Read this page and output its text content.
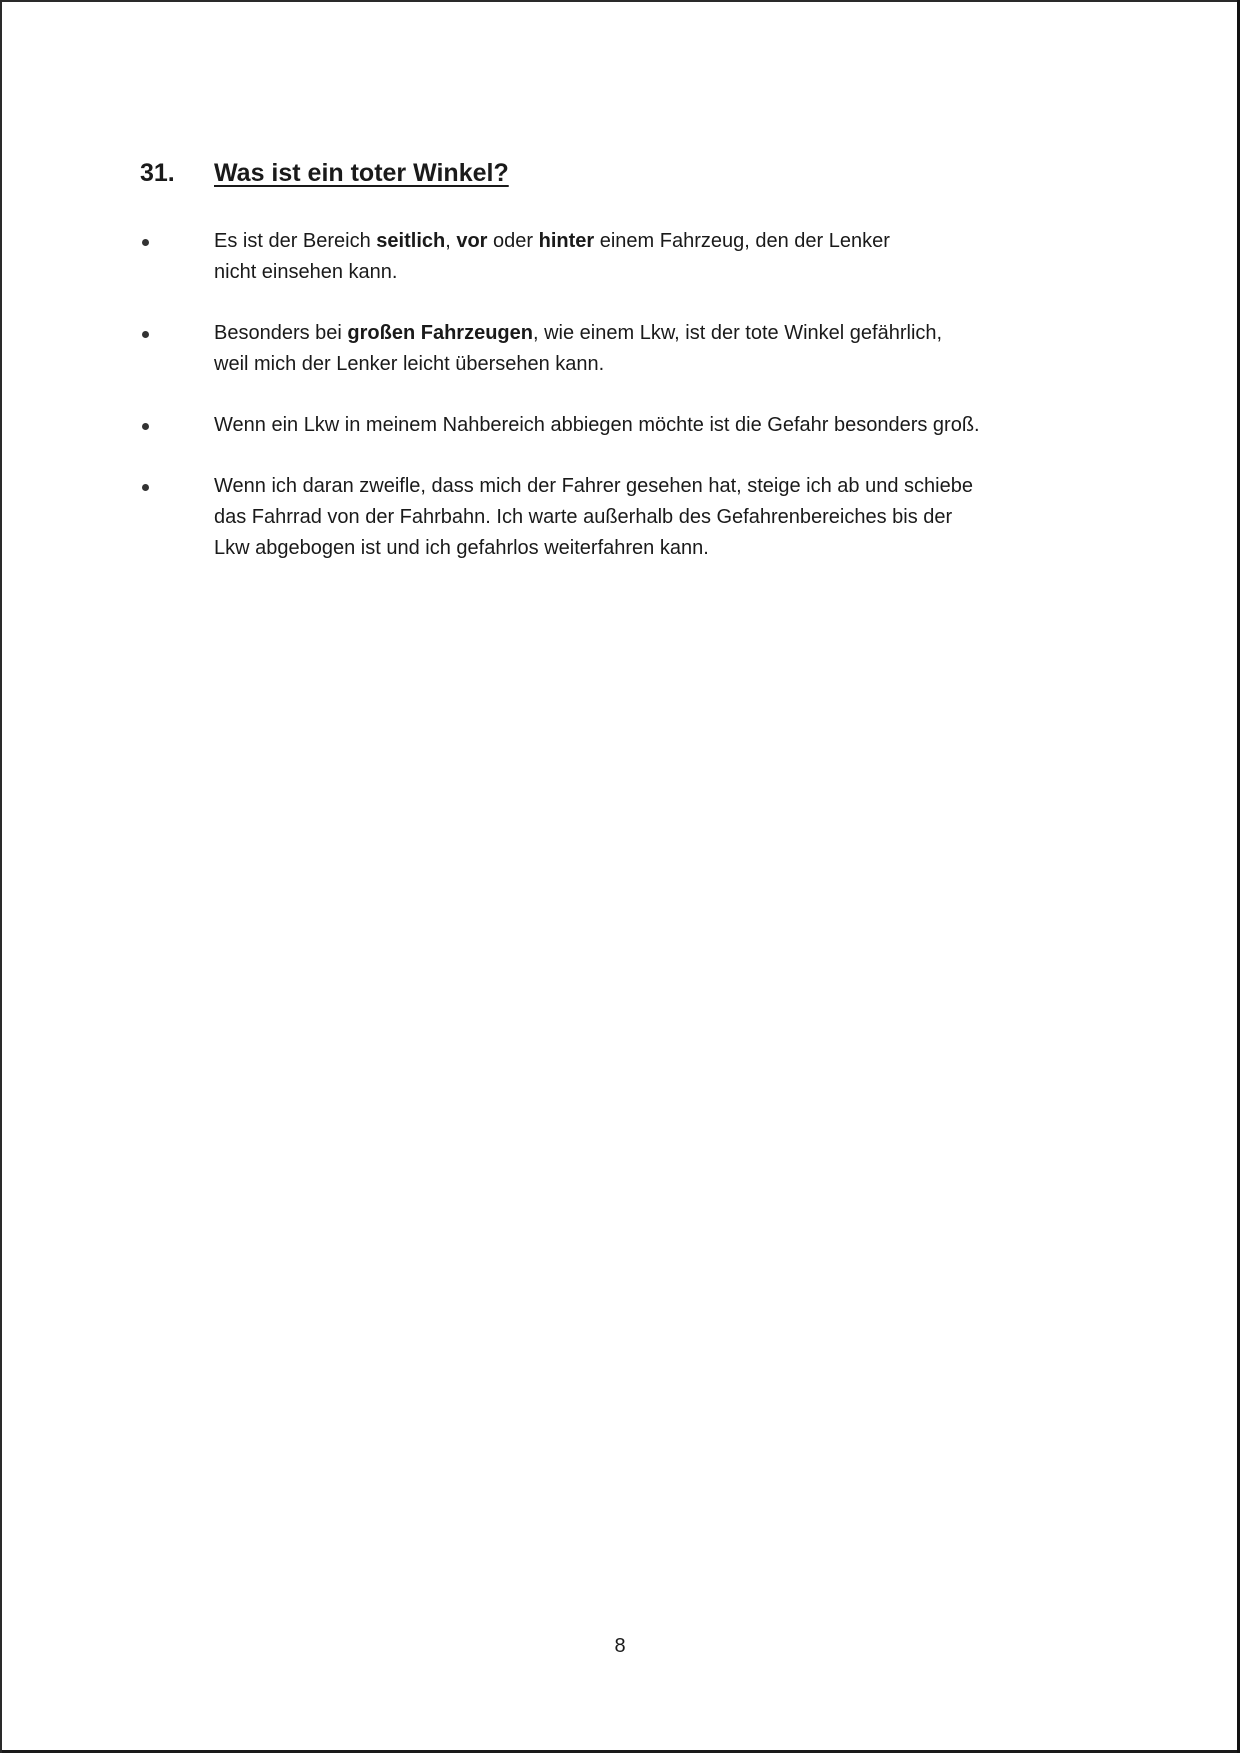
31. Was ist ein toter Winkel?
Es ist der Bereich seitlich, vor oder hinter einem Fahrzeug, den der Lenker
nicht einsehen kann.
Besonders bei großen Fahrzeugen, wie einem Lkw, ist der tote Winkel gefährlich,
weil mich der Lenker leicht übersehen kann.
Wenn ein Lkw in meinem Nahbereich abbiegen möchte ist die Gefahr besonders groß.
Wenn ich daran zweifle, dass mich der Fahrer gesehen hat, steige ich ab und schiebe
das Fahrrad von der Fahrbahn. Ich warte außerhalb des Gefahrenbereiches bis der
Lkw abgebogen ist und ich gefahrlos weiterfahren kann.
8
